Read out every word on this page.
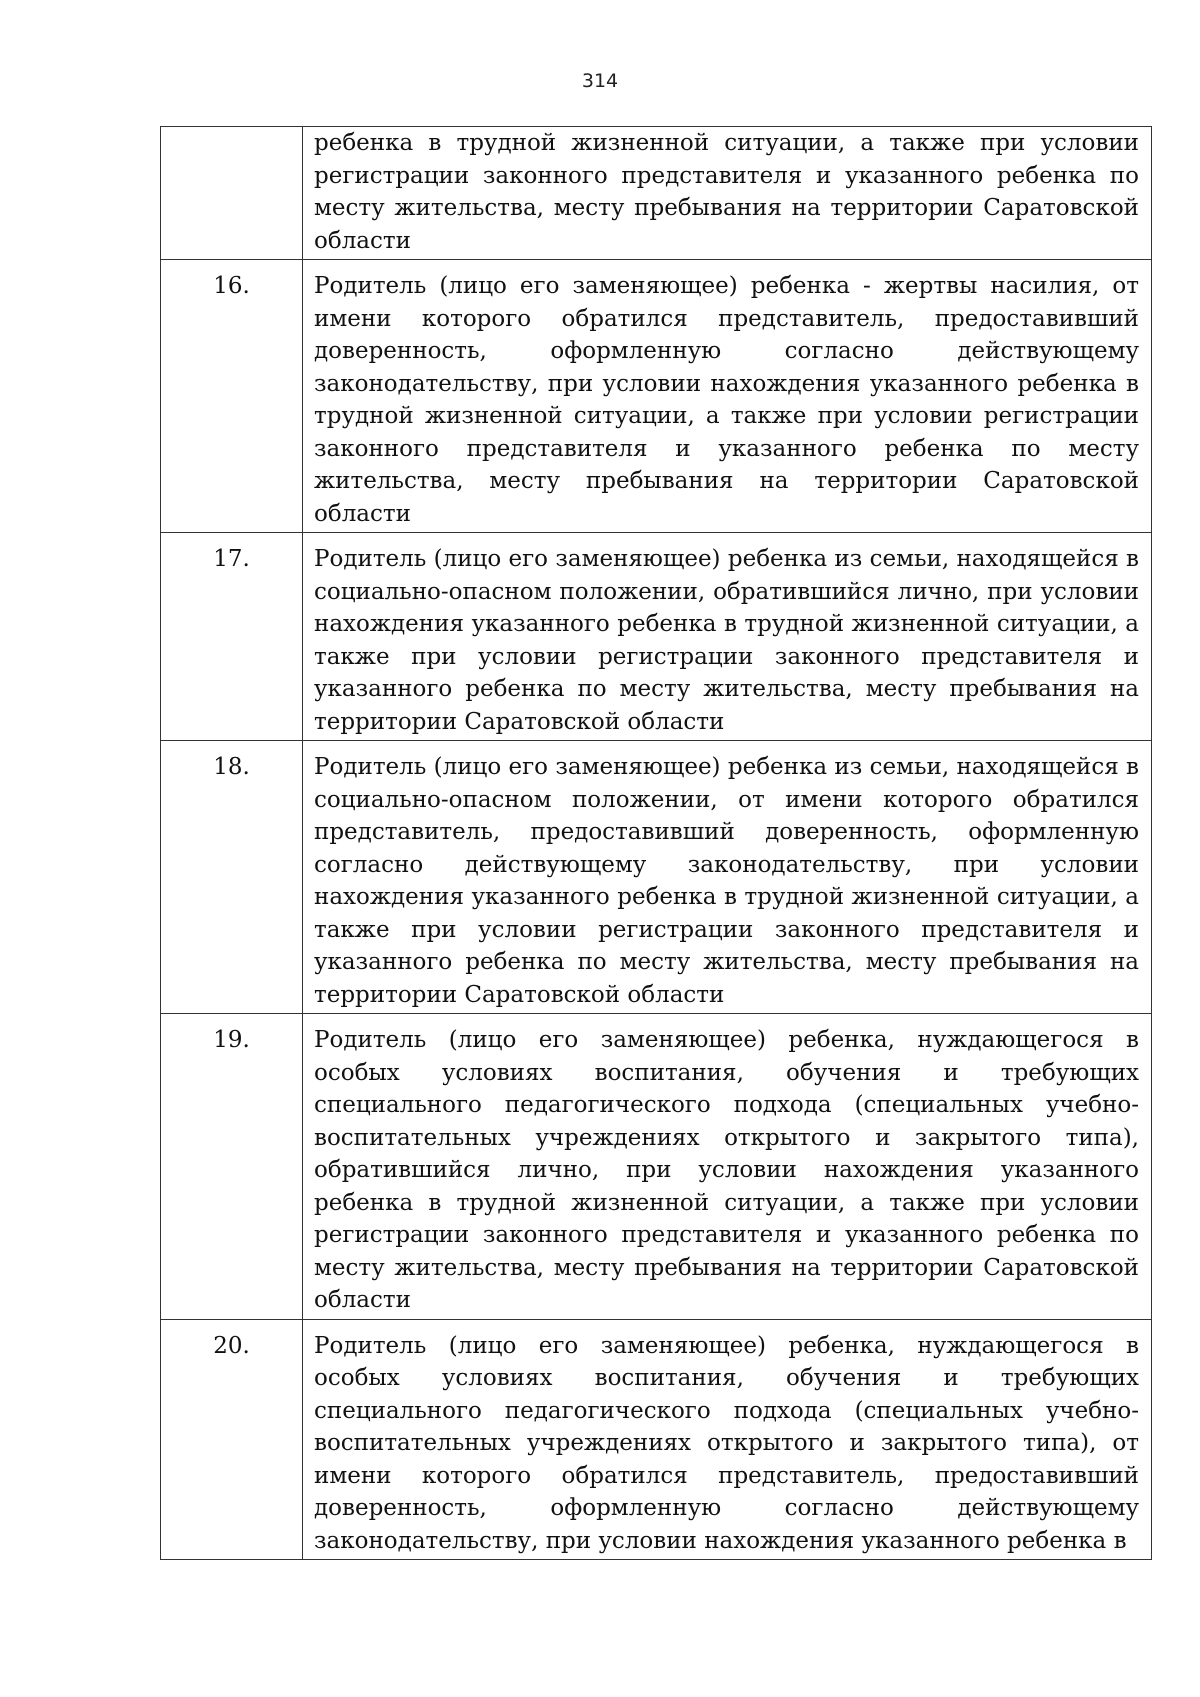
314
	ребенка в трудной жизненной ситуации, а также при условии регистрации законного представителя и указанного ребенка по месту жительства, месту пребывания на территории Саратовской области
16.	Родитель (лицо его заменяющее) ребенка - жертвы насилия, от имени которого обратился представитель, предоставивший доверенность, оформленную согласно действующему законодательству, при условии нахождения указанного ребенка в трудной жизненной ситуации, а также при условии регистрации законного представителя и указанного ребенка по месту жительства, месту пребывания на территории Саратовской области
17.	Родитель (лицо его заменяющее) ребенка из семьи, находящейся в социально-опасном положении, обратившийся лично, при условии нахождения указанного ребенка в трудной жизненной ситуации, а также при условии регистрации законного представителя и указанного ребенка по месту жительства, месту пребывания на территории Саратовской области
18.	Родитель (лицо его заменяющее) ребенка из семьи, находящейся в социально-опасном положении, от имени которого обратился представитель, предоставивший доверенность, оформленную согласно действующему законодательству, при условии нахождения указанного ребенка в трудной жизненной ситуации, а также при условии регистрации законного представителя и указанного ребенка по месту жительства, месту пребывания на территории Саратовской области
19.	Родитель (лицо его заменяющее) ребенка, нуждающегося в особых условиях воспитания, обучения и требующих специального педагогического подхода (специальных учебно-воспитательных учреждениях открытого и закрытого типа), обратившийся лично, при условии нахождения указанного ребенка в трудной жизненной ситуации, а также при условии регистрации законного представителя и указанного ребенка по месту жительства, месту пребывания на территории Саратовской области
20.	Родитель (лицо его заменяющее) ребенка, нуждающегося в особых условиях воспитания, обучения и требующих специального педагогического подхода (специальных учебно-воспитательных учреждениях открытого и закрытого типа), от имени которого обратился представитель, предоставивший доверенность, оформленную согласно действующему законодательству, при условии нахождения указанного ребенка в
